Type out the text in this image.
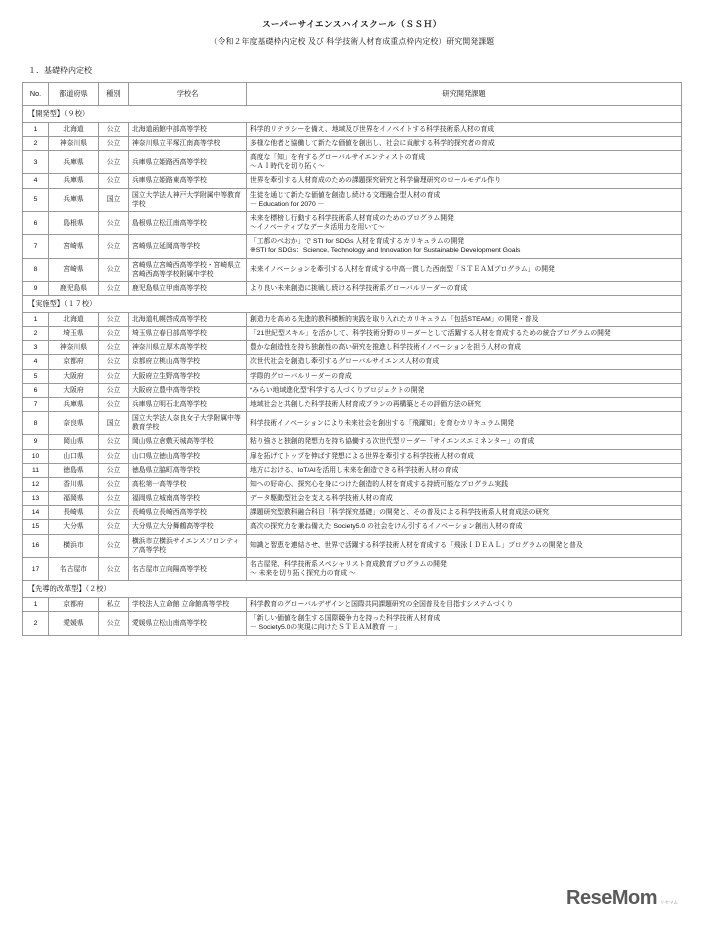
スーパーサイエンスハイスクール（ＳＳＨ）
（令和２年度基礎枠内定校 及び 科学技術人材育成重点枠内定校）研究開発課題
１．基礎枠内定校
No.	都道府県	種別	学校名	研究開発課題
【開発型】（９校）				

1	北海道	公立	北海道函館中部高等学校	科学的リテラシーを備え、地域及び世界をイノベイトする科学技術系人材の育成

2	神奈川県	公立	神奈川県立平塚江南高等学校	多様な他者と協働して新たな価値を創出し、社会に貢献する科学的探究者の育成

3	兵庫県	公立	兵庫県立姫路西高等学校	高度な「知」を有するグローバルサイエンティストの育成
～ＡＩ時代を切り拓く～

4	兵庫県	公立	兵庫県立姫路東高等学校	世界を牽引する人材育成のための課題探究研究と科学倫理研究のロールモデル作り

5	兵庫県	国立	国立大学法人神戸大学附属中等教育学校	生徒を通じて新たな価値を創造し続ける文理融合型人材の育成
－ Education for 2070 －

6	島根県	公立	島根県立松江南高等学校	未来を標榜し行動する科学技術系人材育成のためのプログラム開発
～イノベーティブなデータ活用力を用いて～

7	宮崎県	公立	宮崎県立延岡高等学校	「工都のべおか」で STI for SDGs 人材を育成するカリキュラムの開発
※STI for SDGs：Science, Technology and Innovation for Sustainable Development Goals

8	宮崎県	公立	宮崎県立宮崎西高等学校・宮崎県立宮崎西高等学校附属中学校	未来イノベーションを牽引する人材を育成する中高一貫した西南型「ＳＴＥＡＭプログラム」の開発

9	鹿児島県	公立	鹿児島県立甲南高等学校	より良い未来創造に挑戦し続ける科学技術系グローバルリーダーの育成

【実施型】（１７校）				

1	北海道	公立	北海道札幌啓成高等学校	創造力を高める先進的教科横断的実践を取り入れたカリキュラム「包括STEAM」の開発・普及

2	埼玉県	公立	埼玉県立春日部高等学校	「21世紀型スキル」を活かして、科学技術分野のリーダーとして活躍する人材を育成するための統合プログラムの開発

3	神奈川県	公立	神奈川県立厚木高等学校	豊かな創造性を持ち独創性の高い研究を推進し科学技術イノベーションを担う人材の育成

4	京都府	公立	京都府立桃山高等学校	次世代社会を創造し牽引するグローバルサイエンス人材の育成

5	大阪府	公立	大阪府立生野高等学校	学際的グローバルリーダーの育成

6	大阪府	公立	大阪府立豊中高等学校	“みらい地域進化型”科学する人づくりプロジェクトの開発

7	兵庫県	公立	兵庫県立明石北高等学校	地域社会と共創した科学技術人材育成プランの再構築とその評価方法の研究

8	奈良県	国立	国立大学法人奈良女子大学附属中等教育学校	科学技術イノベーションにより未来社会を創出する「飛躍知」を育むカリキュラム開発

9	岡山県	公立	岡山県立倉敷天城高等学校	粘り強さと独創的発想力を持ち協働する次世代型リーダー「サイエンスエミネンター」の育成

10	山口県	公立	山口県立徳山高等学校	扉を拓げてトップを伸ばす発想による世界を牽引する科学技術人材の育成

11	徳島県	公立	徳島県立脇町高等学校	地方における、IoT/AIを活用し未来を創造できる科学技術人材の育成

12	香川県	公立	高松第一高等学校	知への好奇心、探究心を身につけた創造的人材を育成する持続可能なプログラム実践

13	福岡県	公立	福岡県立城南高等学校	データ駆動型社会を支える科学技術人材の育成

14	長崎県	公立	長崎県立長崎西高等学校	課題研究型教科融合科目「科学探究基礎」の開発と、その普及による科学技術系人材育成法の研究

15	大分県	公立	大分県立大分舞鶴高等学校	高次の探究力を兼ね備えた Society5.0 の社会をけん引するイノベーション創出人材の育成

16	横浜市	公立	横浜市立横浜サイエンスフロンティア高等学校	知識と智恵を連結させ、世界で活躍する科学技術人材を育成する「飛泳ＩＤＥＡＬ」プログラムの開発と普及

17	名古屋市	公立	名古屋市立向陽高等学校	名古屋発、科学技術系スペシャリスト育成教育プログラムの開発
～ 未来を切り拓く探究力の育成 ～

【先導的改革型】（２校）				

1	京都府	私立	学校法人立命館 立命館高等学校	科学教育のグローバルデザインと国際共同課題研究の全国普及を目指すシステムづくり

2	愛媛県	公立	愛媛県立松山南高等学校	「新しい価値を創生する国際競争力を持った科学技術人材育成
－ Society5.0の実現に向けたＳＴＥＡＭ教育 －」
ReseMom リセマム
